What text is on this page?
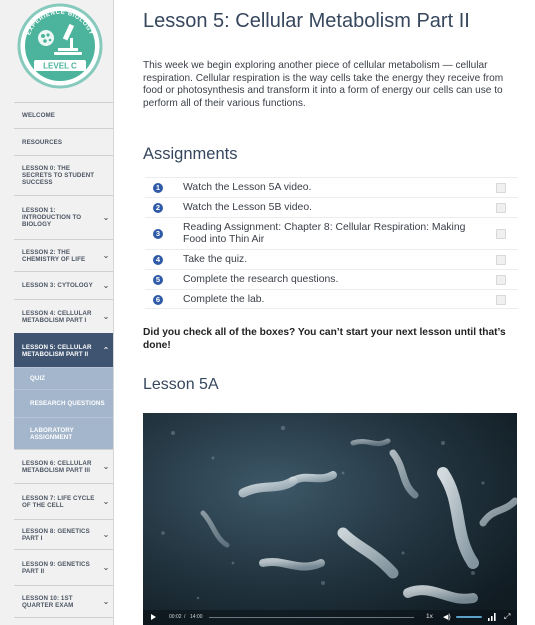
EXPERIENCE BIOLOGY
LEVEL C
WELCOME
RESOURCES
LESSON 0: THE SECRETS TO STUDENT SUCCESS
LESSON 1: INTRODUCTION TO BIOLOGY
⌄
LESSON 2: THE CHEMISTRY OF LIFE	⌄
LESSON 3: CYTOLOGY	⌄
LESSON 4: CELLULAR METABOLISM PART I	⌄
LESSON 5: CELLULAR METABOLISM PART II	⌃
QUIZ
RESEARCH QUESTIONS
LABORATORY ASSIGNMENT
LESSON 6: CELLULAR METABOLISM PART III	⌄
LESSON 7: LIFE CYCLE OF THE CELL	⌄
LESSON 8: GENETICS PART I	⌄
LESSON 9: GENETICS PART II	⌄
LESSON 10: 1ST QUARTER EXAM	⌄
Lesson 5: Cellular Metabolism Part II

This week we begin exploring another piece of cellular metabolism — cellular respiration. Cellular respiration is the way cells take the energy they receive from food or photosynthesis and transform it into a form of energy our cells can use to perform all of their various functions.

Assignments
1 Watch the Lesson 5A video.
2 Watch the Lesson 5B video.
3
Reading Assignment: Chapter 8: Cellular Respiration: Making Food into Thin Air
4 Take the quiz.
5 Complete the research questions.
6 Complete the lab.

Did you check all of the boxes? You can’t start your next lesson until that’s done!

Lesson 5A
00:02 / 14:00	1x ◀)	⤢
